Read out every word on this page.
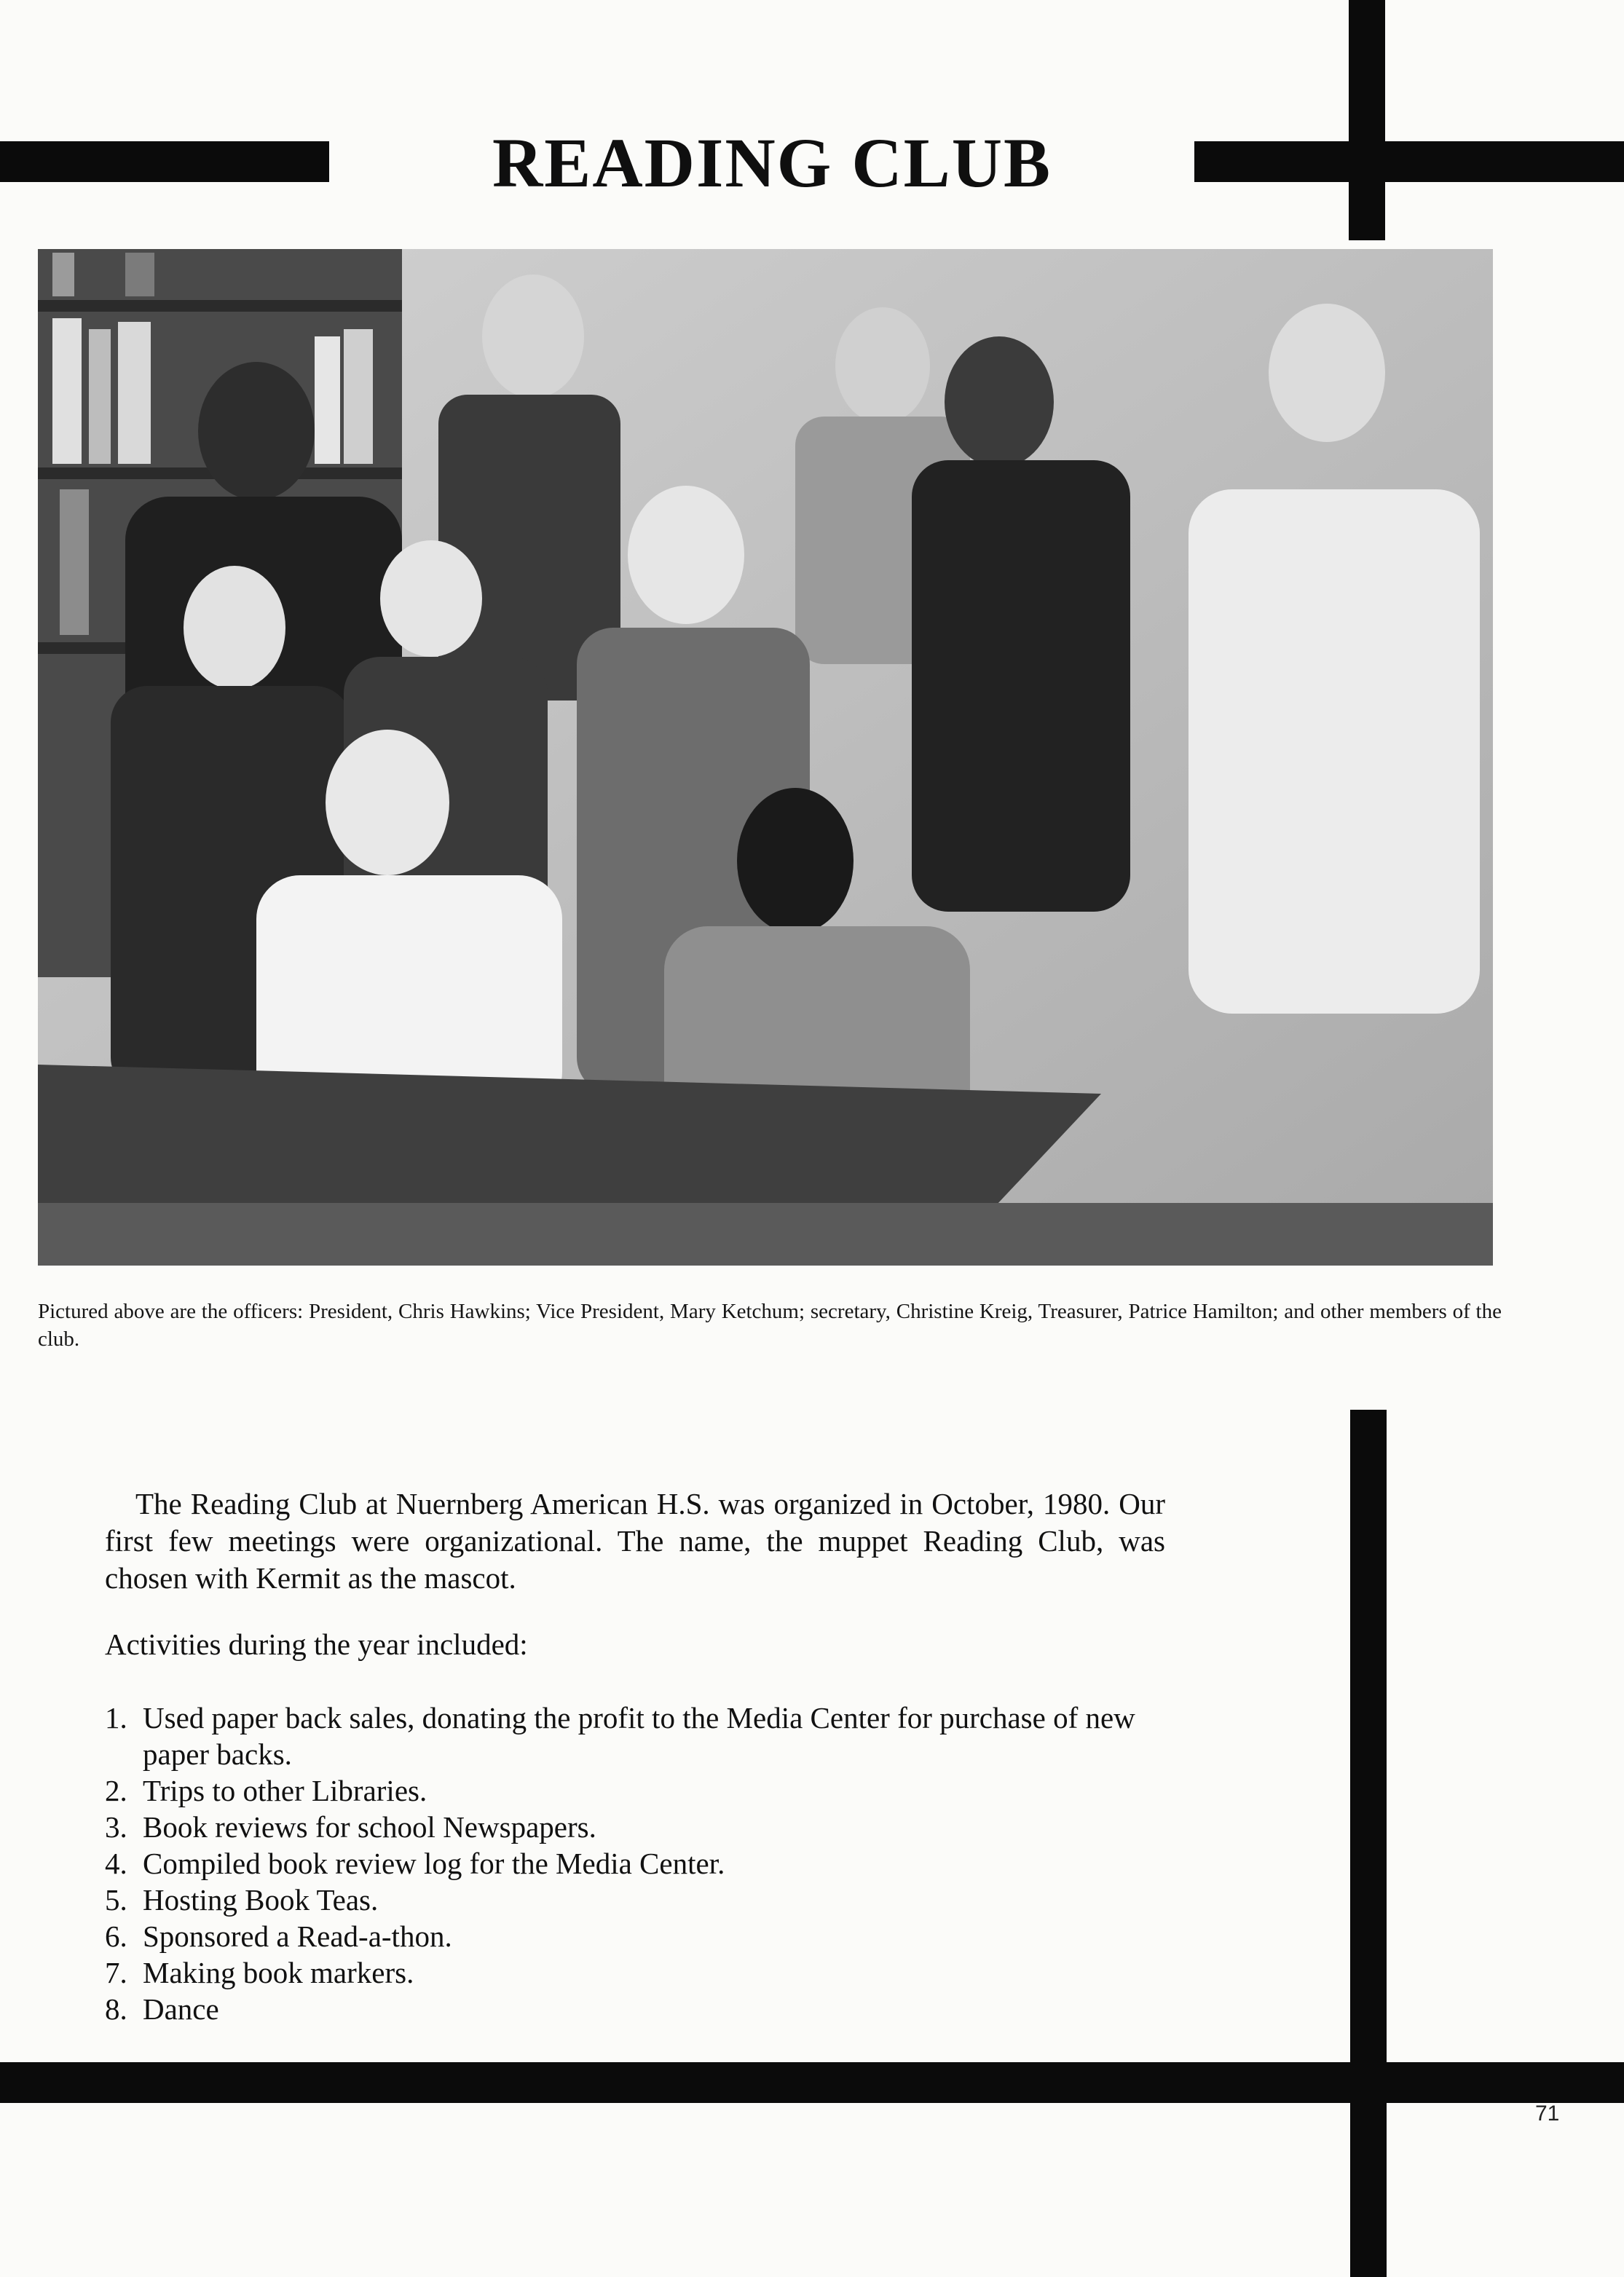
READING CLUB

Pictured above are the officers: President, Chris Hawkins; Vice President, Mary Ketchum; secretary, Christine Kreig, Treasurer, Patrice Hamilton; and other members of the club.

The Reading Club at Nuernberg American H.S. was organized in October, 1980. Our first few meetings were organizational. The name, the muppet Reading Club, was chosen with Kermit as the mascot.

Activities during the year included:

1. Used paper back sales, donating the profit to the Media Center for purchase of new paper backs.
2. Trips to other Libraries.
3. Book reviews for school Newspapers.
4. Compiled book review log for the Media Center.
5. Hosting Book Teas.
6. Sponsored a Read-a-thon.
7. Making book markers.
8. Dance
71
